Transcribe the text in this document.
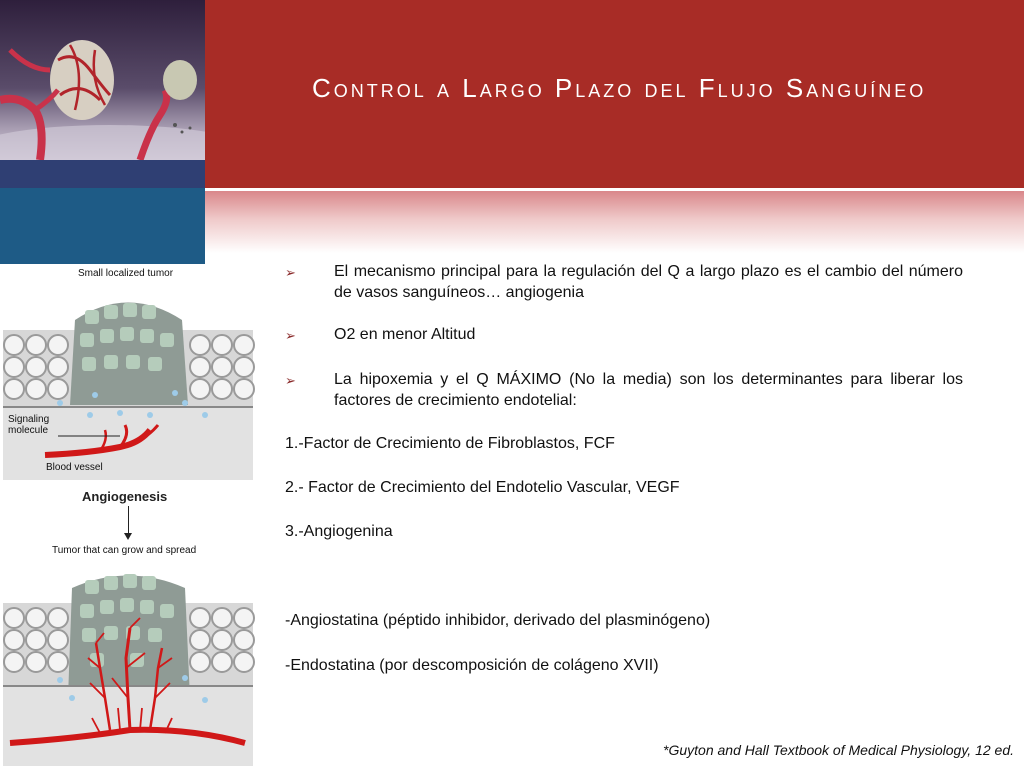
Control a Largo Plazo del Flujo Sanguíneo
Small localized tumor
Signaling
molecule
Blood vessel
Angiogenesis
Tumor that can grow and spread
➢	El mecanismo principal para la regulación del Q a largo plazo es el cambio del número de vasos sanguíneos… angiogenia
➢	O2 en menor Altitud
➢	La hipoxemia y el Q MÁXIMO (No la media) son los determinantes para liberar los factores de crecimiento endotelial:
1.-Factor de Crecimiento de Fibroblastos, FCF
2.- Factor de Crecimiento del Endotelio Vascular, VEGF
3.-Angiogenina
-Angiostatina (péptido inhibidor, derivado del plasminógeno)
-Endostatina (por descomposición de colágeno XVII)
*Guyton and Hall Textbook of Medical Physiology, 12 ed.
